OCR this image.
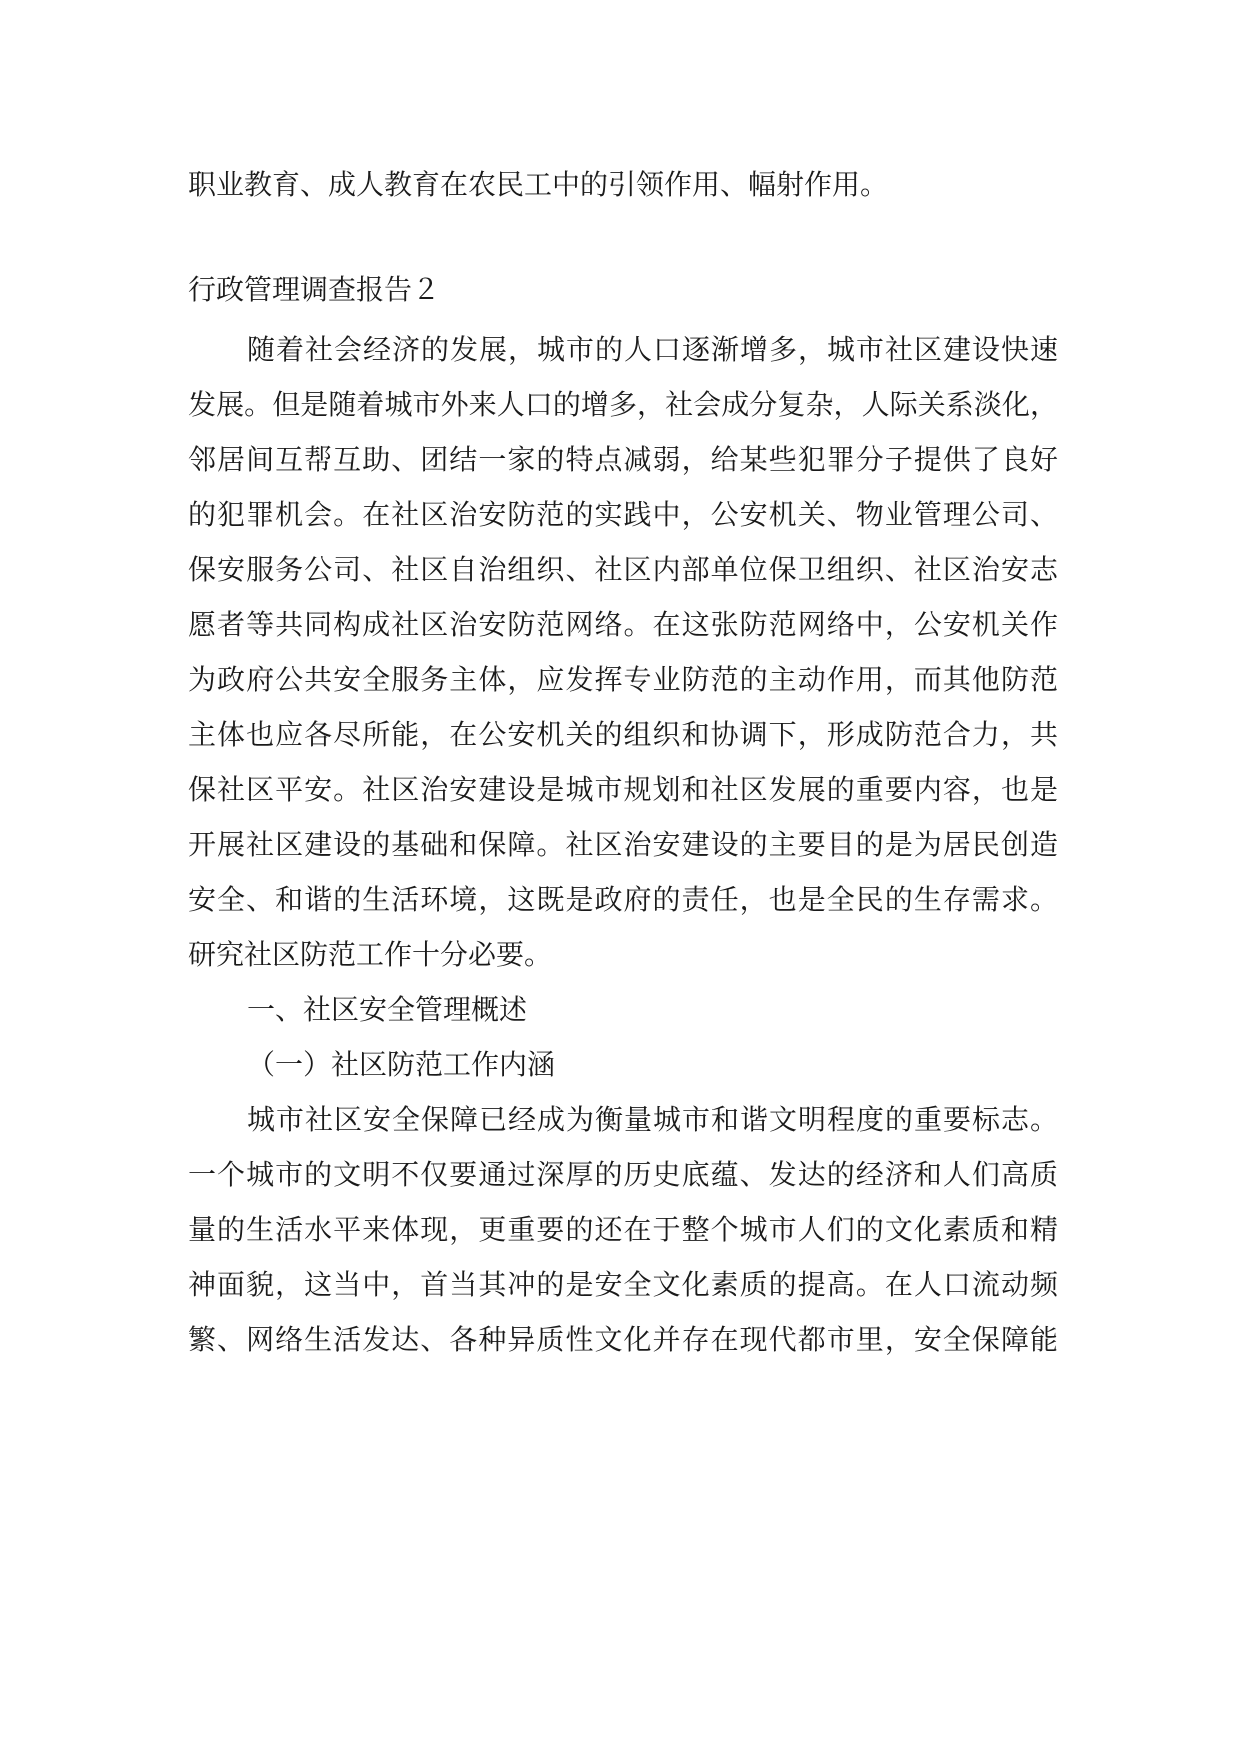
职业教育、成人教育在农民工中的引领作用、幅射作用。
行政管理调查报告２
随着社会经济的发展，城市的人口逐渐增多，城市社区建设快速
发展。但是随着城市外来人口的增多，社会成分复杂，人际关系淡化，
邻居间互帮互助、团结一家的特点减弱，给某些犯罪分子提供了良好
的犯罪机会。在社区治安防范的实践中，公安机关、物业管理公司、
保安服务公司、社区自治组织、社区内部单位保卫组织、社区治安志
愿者等共同构成社区治安防范网络。在这张防范网络中，公安机关作
为政府公共安全服务主体，应发挥专业防范的主动作用，而其他防范
主体也应各尽所能，在公安机关的组织和协调下，形成防范合力，共
保社区平安。社区治安建设是城市规划和社区发展的重要内容，也是
开展社区建设的基础和保障。社区治安建设的主要目的是为居民创造
安全、和谐的生活环境，这既是政府的责任，也是全民的生存需求。
研究社区防范工作十分必要。
一、社区安全管理概述
（一）社区防范工作内涵
城市社区安全保障已经成为衡量城市和谐文明程度的重要标志。
一个城市的文明不仅要通过深厚的历史底蕴、发达的经济和人们高质
量的生活水平来体现，更重要的还在于整个城市人们的文化素质和精
神面貌，这当中，首当其冲的是安全文化素质的提高。在人口流动频
繁、网络生活发达、各种异质性文化并存在现代都市里，安全保障能
